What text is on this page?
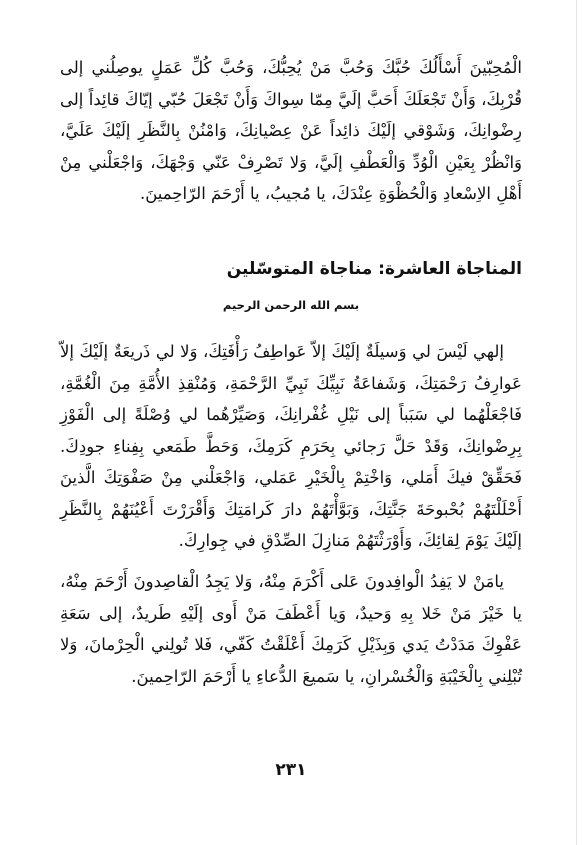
الْمُحِبّينَ أَسْأَلُكَ حُبَّكَ وَحُبَّ مَنْ يُحِبُّكَ، وَحُبَّ كُلِّ عَمَلٍ يوصِلُني إلى قُرْبِكَ، وَأَنْ تَجْعَلَكَ أَحَبَّ إلَيَّ مِمّا سِواكَ وَأَنْ تَجْعَلَ حُبّي إيّاكَ قائِداً إلى رِضْوانِكَ، وَشَوْقي إلَيْكَ ذائِداً عَنْ عِصْيانِكَ، وَامْنُنْ بِالنَّظَرِ إلَيْكَ عَلَيَّ، وَانْظُرْ بِعَيْنِ الْوُدِّ وَالْعَطْفِ إلَيَّ، وَلا تَصْرِفْ عَنّي وَجْهَكَ، وَاجْعَلْني مِنْ أَهْلِ الاِسْعادِ وَالْحُظْوَةِ عِنْدَكَ، يا مُجيبُ، يا أَرْحَمَ الرّاحِمينَ.

المناجاة العاشرة: مناجاة المتوسّلين
بسم الله الرحمن الرحيم

إلهي لَيْسَ لي وَسيلَةٌ إلَيْكَ إلاّ عَواطِفُ رَأْفَتِكَ، وَلا لي ذَريعَةٌ إلَيْكَ إلاّ عَوارِفُ رَحْمَتِكَ، وَشَفاعَةُ نَبِيِّكَ نَبِيِّ الرَّحْمَةِ، وَمُنْقِذِ الأُمَّةِ مِنَ الْغُمَّةِ، فَاجْعَلْهُما لي سَبَباً إلى نَيْلِ غُفْرانِكَ، وَصَيِّرْهُما لي وُصْلَةً إلى الْفَوْزِ بِرِضْوانِكَ، وَقَدْ حَلَّ رَجائي بِحَرَمِ كَرَمِكَ، وَحَطَّ طَمَعي بِفِناءِ جودِكَ. فَحَقِّقْ فيكَ أَمَلي، وَاخْتِمْ بِالْخَيْرِ عَمَلي، وَاجْعَلْني مِنْ صَفْوَتِكَ الَّذينَ أَحْلَلْتَهُمْ بُحْبوحَةَ جَنَّتِكَ، وَبَوَّأْتَهُمْ دارَ كَرامَتِكَ وَأَقْرَرْتَ أَعْيُنَهُمْ بِالنَّظَرِ إلَيْكَ يَوْمَ لِقائِكَ، وَأَوْرَثْتَهُمْ مَنازِلَ الصِّدْقِ في جِوارِكَ.

يامَنْ لا يَفِدُ الْوافِدونَ عَلى أَكْرَمَ مِنْهُ، وَلا يَجِدُ الْقاصِدونَ أَرْحَمَ مِنْهُ، يا خَيْرَ مَنْ خَلا بِهِ وَحيدٌ، وَيا أَعْطَفَ مَنْ أَوى إلَيْهِ طَريدٌ، إلى سَعَةِ عَفْوِكَ مَدَدْتُ يَدي وَبِذَيْلِ كَرَمِكَ أَعْلَقْتُ كَفّي، فَلا تُولِني الْحِرْمانَ، وَلا تُبْلِني بِالْخَيْبَةِ وَالْخُسْرانِ، يا سَميعَ الدُّعاءِ يا أَرْحَمَ الرّاحِمينَ.

٢٣١
